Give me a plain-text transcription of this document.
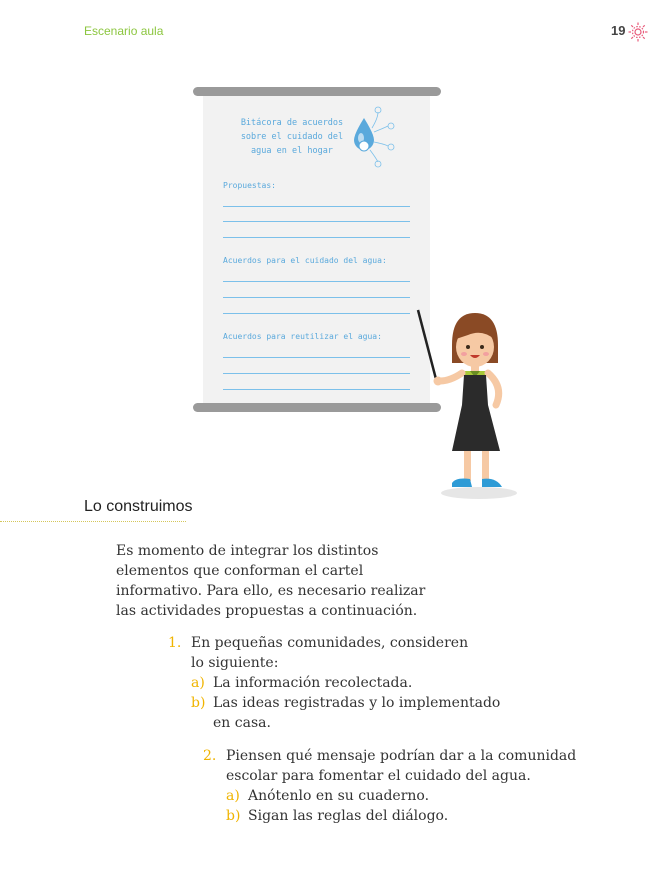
Escenario aula	19
Bitácora de acuerdos
sobre el cuidado del
agua en el hogar
Propuestas:
Acuerdos para el cuidado del agua:
Acuerdos para reutilizar el agua:
Lo construimos
Es momento de integrar los distintos
elementos que conforman el cartel
informativo. Para ello, es necesario realizar
las actividades propuestas a continuación.
1. En pequeñas comunidades, consideren
lo siguiente:
a) La información recolectada.
b) Las ideas registradas y lo implementado
en casa.
2. Piensen qué mensaje podrían dar a la comunidad
escolar para fomentar el cuidado del agua.
a) Anótenlo en su cuaderno.
b) Sigan las reglas del diálogo.
